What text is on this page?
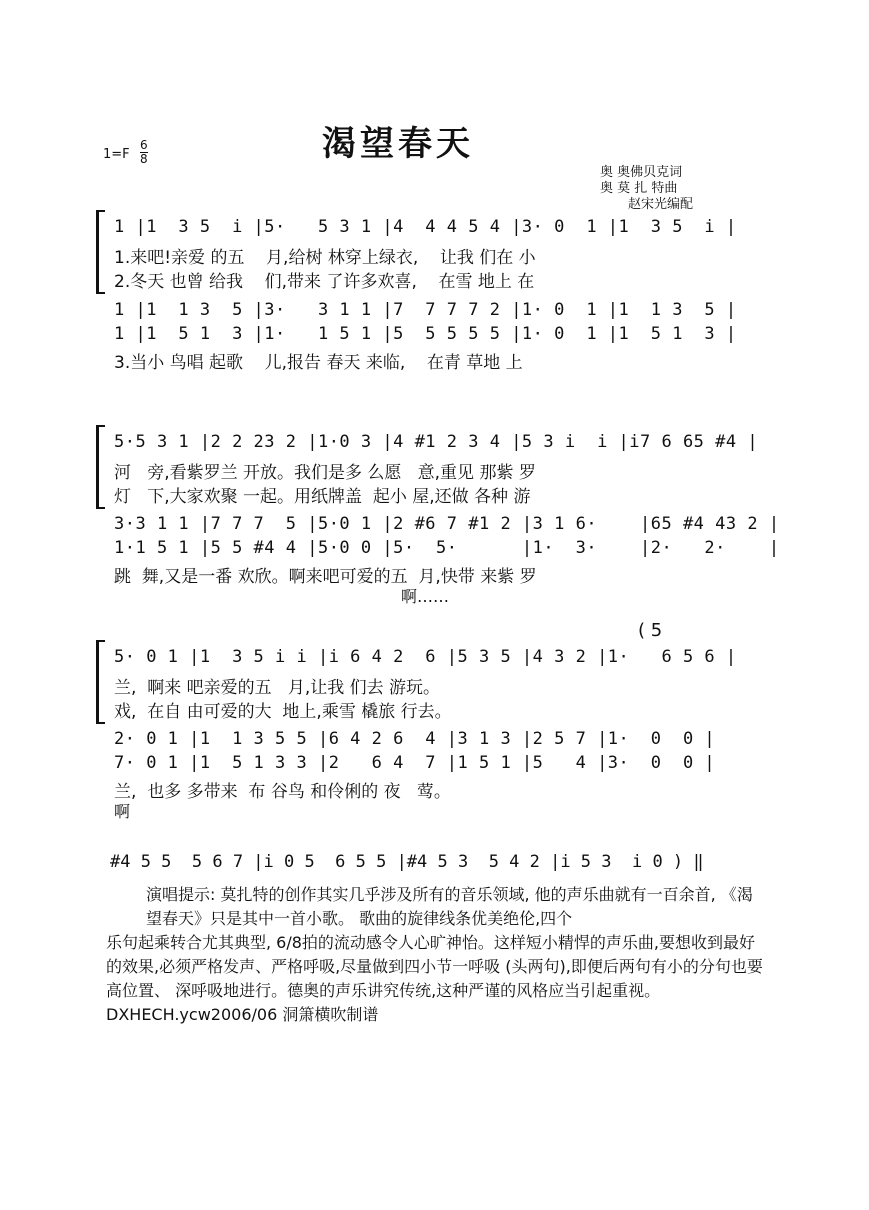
渴望春天
1=F
6
8
奥 奥佛贝克词
奥 莫 扎 特曲
赵宋光编配
1 |1  3 5  i |5·   5 3 1 |4  4 4 5 4 |3· 0  1 |1  3 5  i |
1.来吧!亲爱 的五    月,给树 林穿上绿衣,    让我 们在 小
2.冬天 也曾 给我    们,带来 了许多欢喜,    在雪 地上 在
1 |1  1 3  5 |3·   3 1 1 |7  7 7 7 2 |1· 0  1 |1  1 3  5 |
1 |1  5 1  3 |1·   1 5 1 |5  5 5 5 5 |1· 0  1 |1  5 1  3 |
3.当小 鸟唱 起歌    儿,报告 春天 来临,    在青 草地 上
5·5 3 1 |2 2 23 2 |1·0 3 |4 #1 2 3 4 |5 3 i  i |i7 6 65 #4 |
河   旁,看紫罗兰 开放。我们是多 么愿   意,重见 那紫 罗
灯   下,大家欢聚 一起。用纸牌盖  起小 屋,还做 各种 游
3·3 1 1 |7 7 7  5 |5·0 1 |2 #6 7 #1 2 |3 1 6·    |65 #4 43 2 |
1·1 5 1 |5 5 #4 4 |5·0 0 |5·  5·      |1·  3·    |2·   2·    |
跳  舞,又是一番 欢欣。啊来吧可爱的五  月,快带 来紫 罗
啊……
( 5
5· 0 1 |1  3 5 i i |i 6 4 2  6 |5 3 5 |4 3 2 |1·   6 5 6 |
兰,  啊来 吧亲爱的五   月,让我 们去 游玩。
戏,  在自 由可爱的大  地上,乘雪 橇旅 行去。
2· 0 1 |1  1 3 5 5 |6 4 2 6  4 |3 1 3 |2 5 7 |1·  0  0 |
7· 0 1 |1  5 1 3 3 |2   6 4  7 |1 5 1 |5   4 |3·  0  0 |
兰,  也多 多带来  布 谷鸟 和伶俐的 夜   莺。
啊
#4 5 5  5 6 7 |i 0 5  6 5 5 |#4 5 3  5 4 2 |i 5 3  i 0 ) ‖

演唱提示: 莫扎特的创作其实几乎涉及所有的音乐领域, 他的声乐曲就有一百余首, 《渴望春天》只是其中一首小歌。 歌曲的旋律线条优美绝伦,四个

乐句起乘转合尤其典型, 6/8拍的流动感令人心旷神怡。这样短小精悍的声乐曲,要想收到最好的效果,必须严格发声、严格呼吸,尽量做到四小节一呼吸 (头两句),即便后两句有小的分句也要高位置、 深呼吸地进行。德奥的声乐讲究传统,这种严谨的风格应当引起重视。 DXHECH.ycw2006/06 洞箫横吹制谱
